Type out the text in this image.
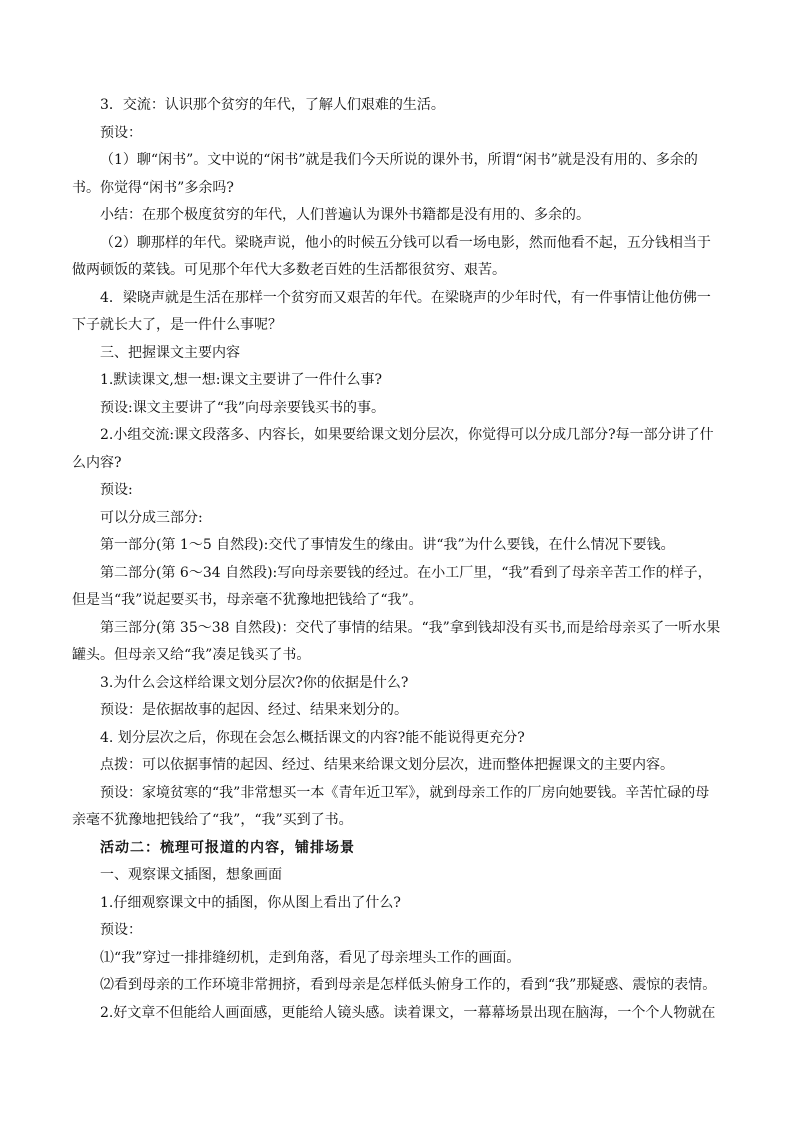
3．交流：认识那个贫穷的年代，了解人们艰难的生活。

预设：

（1）聊“闲书”。文中说的“闲书”就是我们今天所说的课外书，所谓“闲书”就是没有用的、多余的书。你觉得“闲书”多余吗?

小结：在那个极度贫穷的年代，人们普遍认为课外书籍都是没有用的、多余的。

（2）聊那样的年代。梁晓声说，他小的时候五分钱可以看一场电影，然而他看不起，五分钱相当于做两顿饭的菜钱。可见那个年代大多数老百姓的生活都很贫穷、艰苦。

4．梁晓声就是生活在那样一个贫穷而又艰苦的年代。在梁晓声的少年时代，有一件事情让他仿佛一下子就长大了，是一件什么事呢？

三、把握课文主要内容

1.默读课文,想一想:课文主要讲了一件什么事?

预设:课文主要讲了“我”向母亲要钱买书的事。

2.小组交流:课文段落多、内容长，如果要给课文划分层次，你觉得可以分成几部分?每一部分讲了什么内容?

预设:

可以分成三部分:

第一部分(第 1～5 自然段):交代了事情发生的缘由。讲“我”为什么要钱，在什么情况下要钱。

第二部分(第 6～34 自然段):写向母亲要钱的经过。在小工厂里，“我”看到了母亲辛苦工作的样子，但是当“我”说起要买书，母亲毫不犹豫地把钱给了“我”。

第三部分(第 35～38 自然段)：交代了事情的结果。“我”拿到钱却没有买书,而是给母亲买了一听水果罐头。但母亲又给“我”凑足钱买了书。

3.为什么会这样给课文划分层次?你的依据是什么?

预设：是依据故事的起因、经过、结果来划分的。

4. 划分层次之后，你现在会怎么概括课文的内容?能不能说得更充分?

点拨：可以依据事情的起因、经过、结果来给课文划分层次，进而整体把握课文的主要内容。

预设：家境贫寒的“我”非常想买一本《青年近卫军》，就到母亲工作的厂房向她要钱。辛苦忙碌的母亲毫不犹豫地把钱给了“我”，“我”买到了书。

活动二：梳理可报道的内容，铺排场景

一、观察课文插图，想象画面

1.仔细观察课文中的插图，你从图上看出了什么?

预设：

⑴“我”穿过一排排缝纫机，走到角落，看见了母亲埋头工作的画面。

⑵看到母亲的工作环境非常拥挤，看到母亲是怎样低头俯身工作的，看到“我”那疑惑、震惊的表情。

2.好文章不但能给人画面感，更能给人镜头感。读着课文，一幕幕场景出现在脑海，一个个人物就在
